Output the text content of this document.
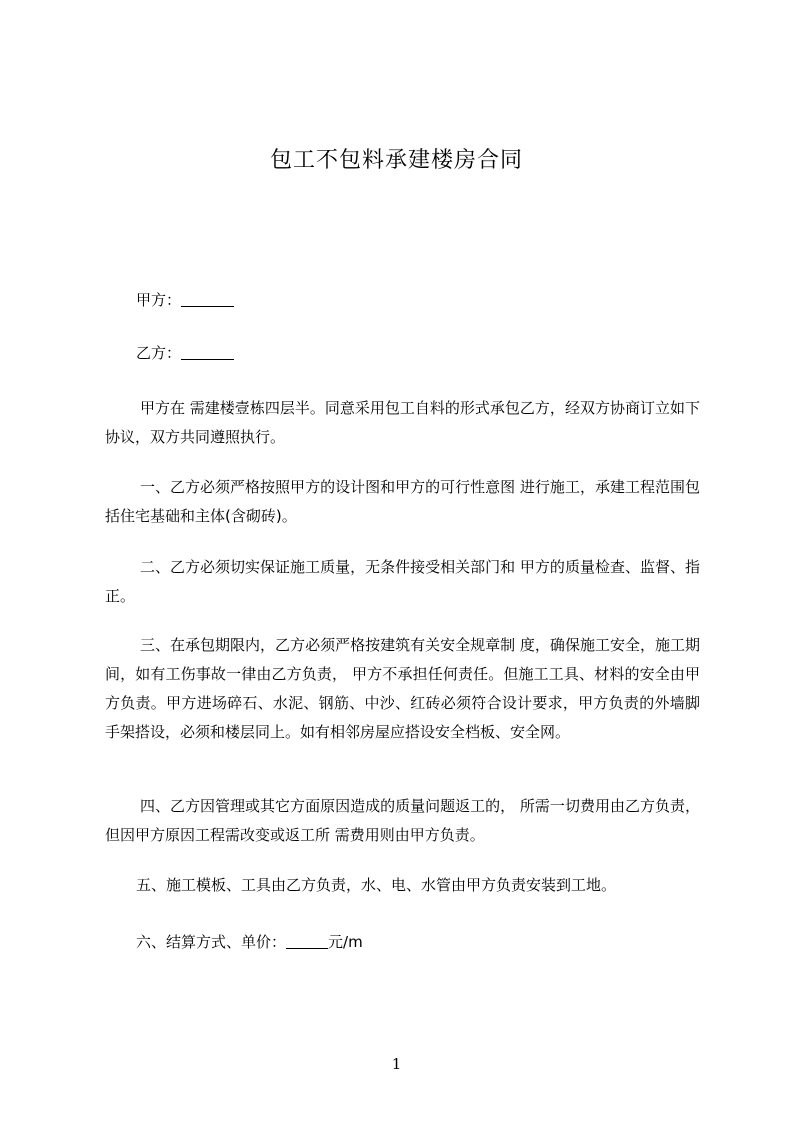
包工不包料承建楼房合同
甲方：
乙方：
甲方在 需建楼壹栋四层半。同意采用包工自料的形式承包乙方，经双方协商订立如下协议，双方共同遵照执行。
一、乙方必须严格按照甲方的设计图和甲方的可行性意图 进行施工，承建工程范围包括住宅基础和主体(含砌砖)。
二、乙方必须切实保证施工质量，无条件接受相关部门和 甲方的质量检查、监督、指正。
三、在承包期限内，乙方必须严格按建筑有关安全规章制 度，确保施工安全，施工期间，如有工伤事故一律由乙方负责， 甲方不承担任何责任。但施工工具、材料的安全由甲方负责。甲方进场碎石、水泥、钢筋、中沙、红砖必须符合设计要求，甲方负责的外墙脚手架搭设，必须和楼层同上。如有相邻房屋应搭设安全档板、安全网。
四、乙方因管理或其它方面原因造成的质量问题返工的， 所需一切费用由乙方负责，但因甲方原因工程需改变或返工所 需费用则由甲方负责。
五、施工模板、工具由乙方负责，水、电、水管由甲方负责安装到工地。
六、结算方式、单价：	元/m
1
